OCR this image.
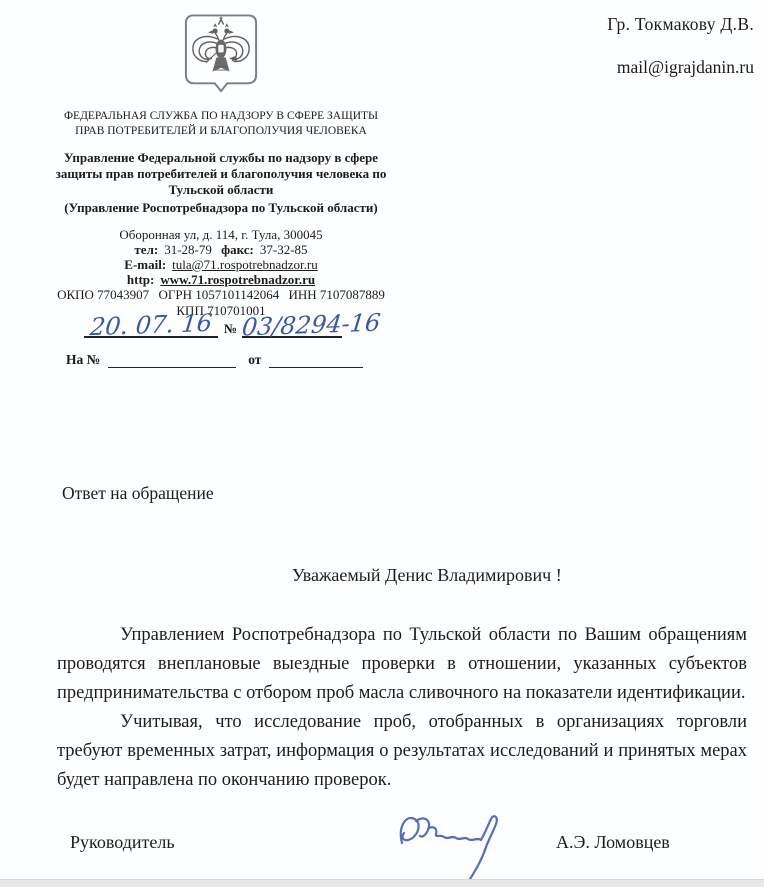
Гр. Токмакову Д.В.
mail@igrajdanin.ru
ФЕДЕРАЛЬНАЯ СЛУЖБА ПО НАДЗОРУ В СФЕРЕ ЗАЩИТЫ ПРАВ ПОТРЕБИТЕЛЕЙ И БЛАГОПОЛУЧИЯ ЧЕЛОВЕКА
Управление Федеральной службы по надзору в сфере защиты прав потребителей и благополучия человека по Тульской области
(Управление Роспотребнадзора по Тульской области)
Оборонная ул, д. 114, г. Тула, 300045
тел: 31-28-79 факс: 37-32-85
E-mail: tula@71.rospotrebnadzor.ru
http: www.71.rospotrebnadzor.ru
ОКПО 77043907 ОГРН 1057101142064 ИНН 7107087889
КПП 710701001
20. 07. 16 № 03/8294-16
На №	от
Ответ на обращение
Уважаемый Денис Владимирович !

Управлением Роспотребнадзора по Тульской области по Вашим обращениям проводятся внеплановые выездные проверки в отношении, указанных субъектов предпринимательства с отбором проб масла сливочного на показатели идентификации.

Учитывая, что исследование проб, отобранных в организациях торговли требуют временных затрат, информация о результатах исследований и принятых мерах будет направлена по окончанию проверок.

Руководитель	А.Э. Ломовцев
